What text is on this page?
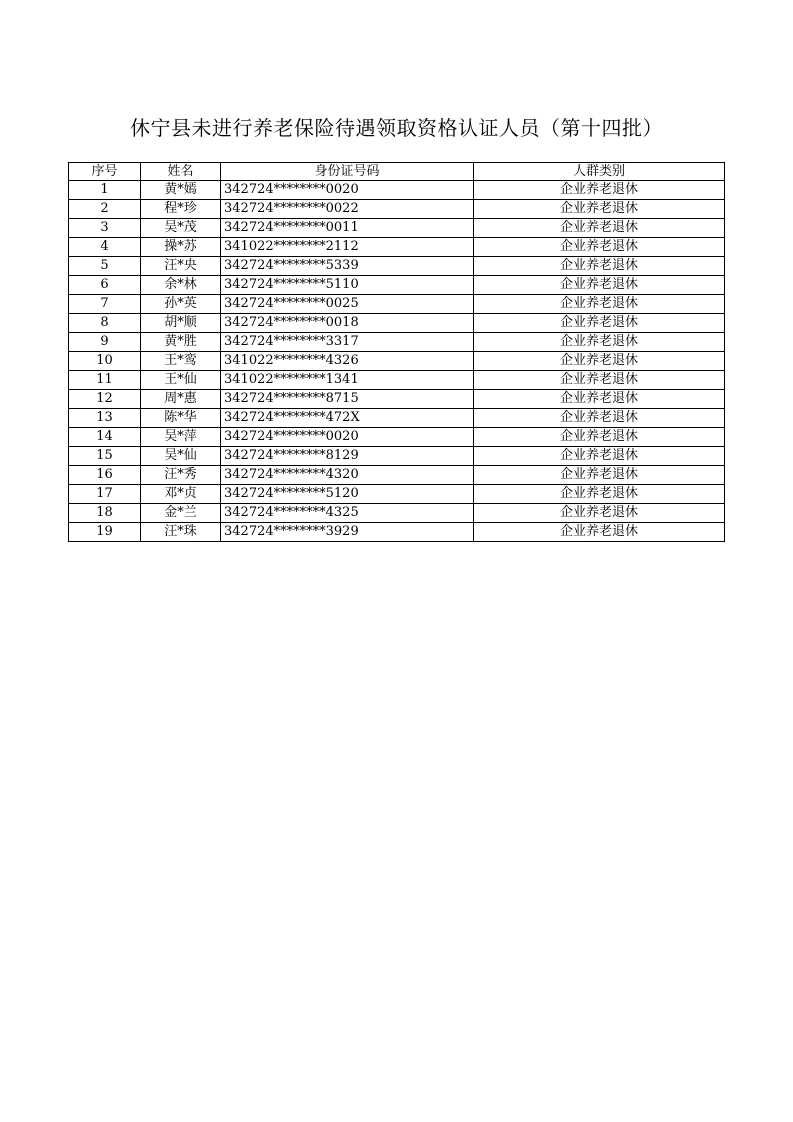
休宁县未进行养老保险待遇领取资格认证人员（第十四批）
序号	姓名	身份证号码	人群类别
1	黄*嫣	342724********0020	企业养老退休
2	程*珍	342724********0022	企业养老退休
3	吴*茂	342724********0011	企业养老退休
4	操*苏	341022********2112	企业养老退休
5	汪*央	342724********5339	企业养老退休
6	余*林	342724********5110	企业养老退休
7	孙*英	342724********0025	企业养老退休
8	胡*顺	342724********0018	企业养老退休
9	黄*胜	342724********3317	企业养老退休
10	王*鸾	341022********4326	企业养老退休
11	王*仙	341022********1341	企业养老退休
12	周*惠	342724********8715	企业养老退休
13	陈*华	342724********472X	企业养老退休
14	吴*萍	342724********0020	企业养老退休
15	吴*仙	342724********8129	企业养老退休
16	汪*秀	342724********4320	企业养老退休
17	邓*贞	342724********5120	企业养老退休
18	金*兰	342724********4325	企业养老退休
19	汪*珠	342724********3929	企业养老退休
